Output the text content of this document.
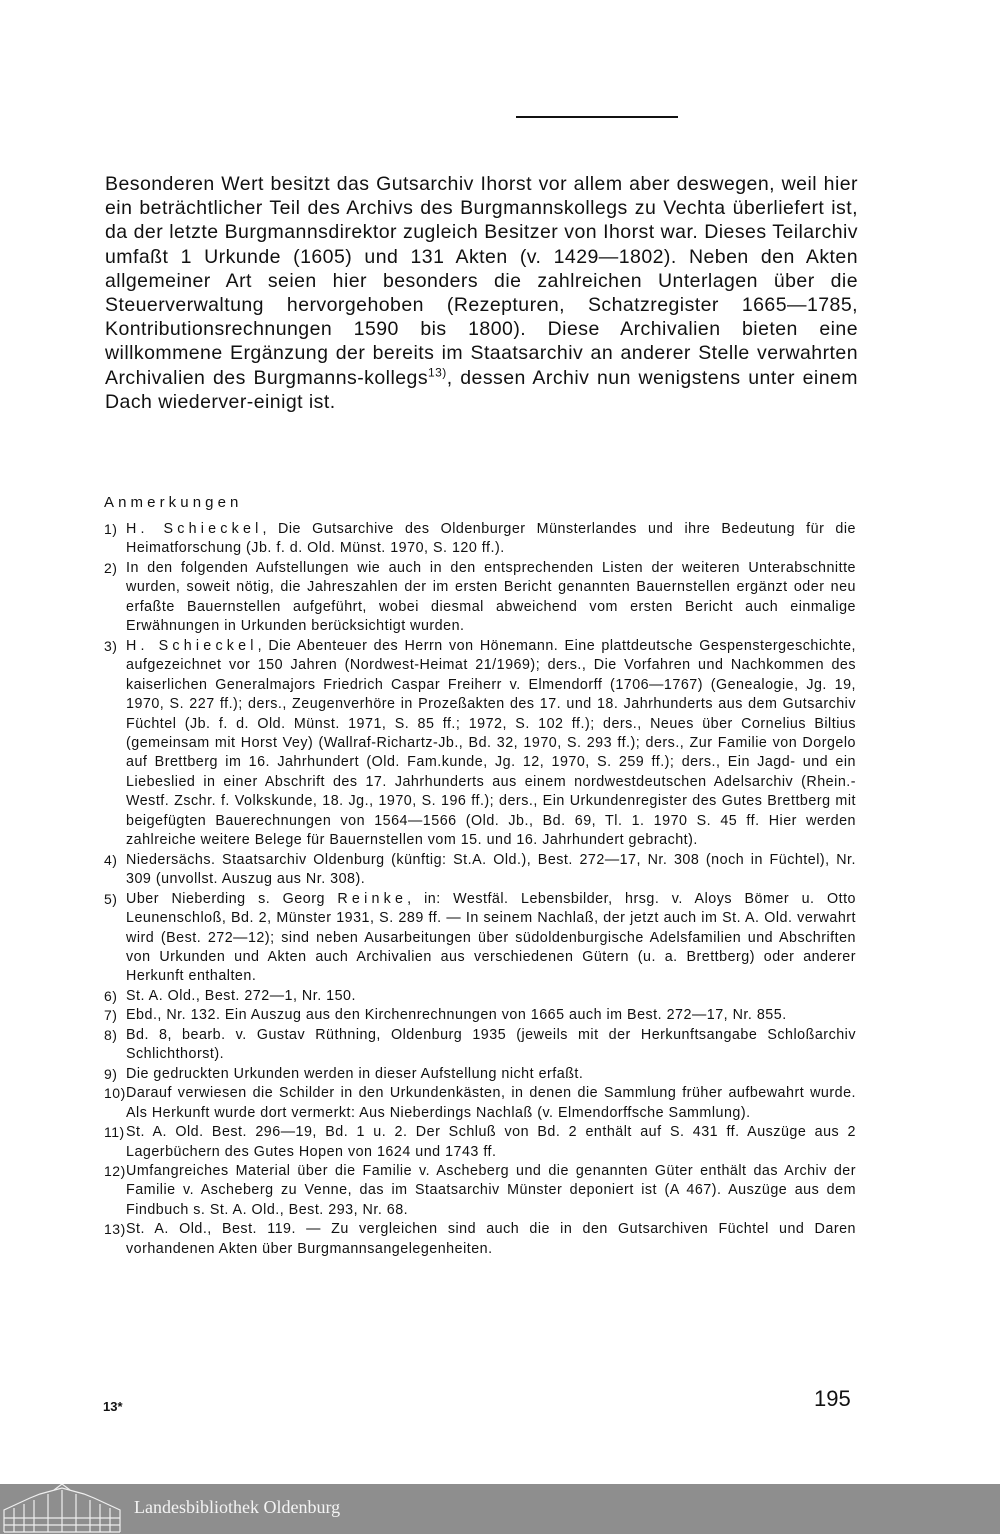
Besonderen Wert besitzt das Gutsarchiv Ihorst vor allem aber deswegen, weil hier ein beträchtlicher Teil des Archivs des Burgmannskollegs zu Vechta überliefert ist, da der letzte Burgmannsdirektor zugleich Besitzer von Ihorst war. Dieses Teilarchiv umfaßt 1 Urkunde (1605) und 131 Akten (v. 1429—1802). Neben den Akten allgemeiner Art seien hier besonders die zahlreichen Unterlagen über die Steuerverwaltung hervorgehoben (Rezepturen, Schatzregister 1665—1785, Kontributionsrechnungen 1590 bis 1800). Diese Archivalien bieten eine willkommene Ergänzung der bereits im Staatsarchiv an anderer Stelle verwahrten Archivalien des Burgmanns-kollegs$^{13)}$, dessen Archiv nun wenigstens unter einem Dach wiederver-einigt ist.

Anmerkungen

1) H. Schieckel, Die Gutsarchive des Oldenburger Münsterlandes und ihre Bedeutung für die Heimatforschung (Jb. f. d. Old. Münst. 1970, S. 120 ff.).
2) In den folgenden Aufstellungen wie auch in den entsprechenden Listen der weiteren Unterabschnitte wurden, soweit nötig, die Jahreszahlen der im ersten Bericht genannten Bauernstellen ergänzt oder neu erfaßte Bauernstellen aufgeführt, wobei diesmal abweichend vom ersten Bericht auch einmalige Erwähnungen in Urkunden berücksichtigt wurden.
3) H. Schieckel, Die Abenteuer des Herrn von Hönemann. Eine plattdeutsche Gespenstergeschichte, aufgezeichnet vor 150 Jahren (Nordwest-Heimat 21/1969); ders., Die Vorfahren und Nachkommen des kaiserlichen Generalmajors Friedrich Caspar Freiherr v. Elmendorff (1706—1767) (Genealogie, Jg. 19, 1970, S. 227 ff.); ders., Zeugenverhöre in Prozeßakten des 17. und 18. Jahrhunderts aus dem Gutsarchiv Füchtel (Jb. f. d. Old. Münst. 1971, S. 85 ff.; 1972, S. 102 ff.); ders., Neues über Cornelius Biltius (gemeinsam mit Horst Vey) (Wallraf-Richartz-Jb., Bd. 32, 1970, S. 293 ff.); ders., Zur Familie von Dorgelo auf Brettberg im 16. Jahrhundert (Old. Fam.kunde, Jg. 12, 1970, S. 259 ff.); ders., Ein Jagd- und ein Liebeslied in einer Abschrift des 17. Jahrhunderts aus einem nordwestdeutschen Adelsarchiv (Rhein.-Westf. Zschr. f. Volkskunde, 18. Jg., 1970, S. 196 ff.); ders., Ein Urkundenregister des Gutes Brettberg mit beigefügten Bauerechnungen von 1564—1566 (Old. Jb., Bd. 69, Tl. 1. 1970 S. 45 ff. Hier werden zahlreiche weitere Belege für Bauernstellen vom 15. und 16. Jahrhundert gebracht).
4) Niedersächs. Staatsarchiv Oldenburg (künftig: St.A. Old.), Best. 272—17, Nr. 308 (noch in Füchtel), Nr. 309 (unvollst. Auszug aus Nr. 308).
5) Uber Nieberding s. Georg Reinke, in: Westfäl. Lebensbilder, hrsg. v. Aloys Bömer u. Otto Leunenschloß, Bd. 2, Münster 1931, S. 289 ff. — In seinem Nachlaß, der jetzt auch im St. A. Old. verwahrt wird (Best. 272—12); sind neben Ausarbeitungen über südoldenburgische Adelsfamilien und Abschriften von Urkunden und Akten auch Archivalien aus verschiedenen Gütern (u. a. Brettberg) oder anderer Herkunft enthalten.
6) St. A. Old., Best. 272—1, Nr. 150.
7) Ebd., Nr. 132. Ein Auszug aus den Kirchenrechnungen von 1665 auch im Best. 272—17, Nr. 855.
8) Bd. 8, bearb. v. Gustav Rüthning, Oldenburg 1935 (jeweils mit der Herkunftsangabe Schloßarchiv Schlichthorst).
9) Die gedruckten Urkunden werden in dieser Aufstellung nicht erfaßt.
10) Darauf verwiesen die Schilder in den Urkundenkästen, in denen die Sammlung früher aufbewahrt wurde. Als Herkunft wurde dort vermerkt: Aus Nieberdings Nachlaß (v. Elmendorffsche Sammlung).
11) St. A. Old. Best. 296—19, Bd. 1 u. 2. Der Schluß von Bd. 2 enthält auf S. 431 ff. Auszüge aus 2 Lagerbüchern des Gutes Hopen von 1624 und 1743 ff.
12) Umfangreiches Material über die Familie v. Ascheberg und die genannten Güter enthält das Archiv der Familie v. Ascheberg zu Venne, das im Staatsarchiv Münster deponiert ist (A 467). Auszüge aus dem Findbuch s. St. A. Old., Best. 293, Nr. 68.
13) St. A. Old., Best. 119. — Zu vergleichen sind auch die in den Gutsarchiven Füchtel und Daren vorhandenen Akten über Burgmannsangelegenheiten.
13*	195
Landesbibliothek Oldenburg
